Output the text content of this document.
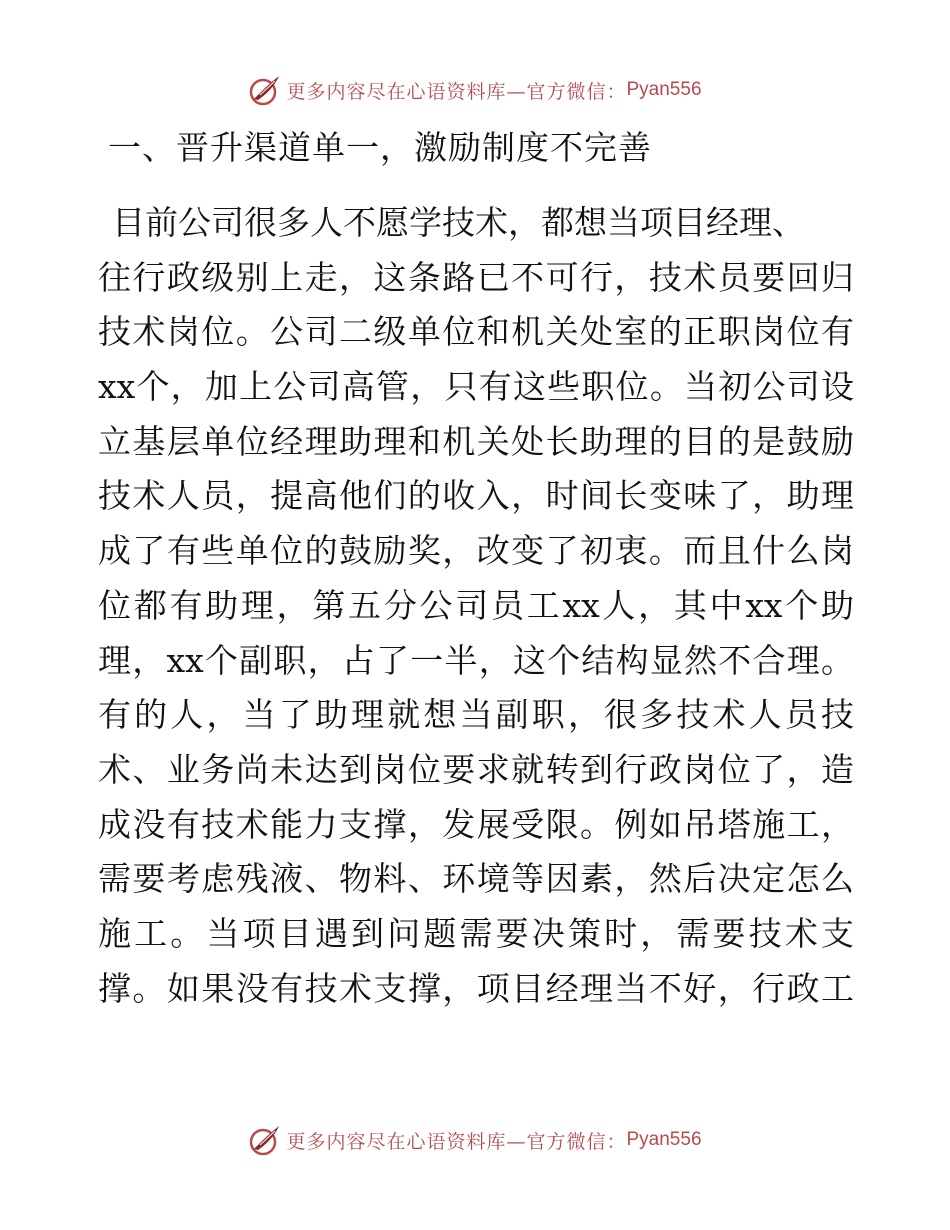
更多内容尽在心语资料库—官方微信： Pyan556
一、晋升渠道单一，激励制度不完善
目前公司很多人不愿学技术，都想当项目经理、
往行政级别上走，这条路已不可行，技术员要回归
技术岗位。公司二级单位和机关处室的正职岗位有
xx个，加上公司高管，只有这些职位。当初公司设
立基层单位经理助理和机关处长助理的目的是鼓励
技术人员，提高他们的收入，时间长变味了，助理
成了有些单位的鼓励奖，改变了初衷。而且什么岗
位都有助理，第五分公司员工xx人，其中xx个助
理，xx个副职，占了一半，这个结构显然不合理。
有的人，当了助理就想当副职，很多技术人员技
术、业务尚未达到岗位要求就转到行政岗位了，造
成没有技术能力支撑，发展受限。例如吊塔施工，
需要考虑残液、物料、环境等因素，然后决定怎么
施工。当项目遇到问题需要决策时，需要技术支
撑。如果没有技术支撑，项目经理当不好，行政工
更多内容尽在心语资料库—官方微信： Pyan556
